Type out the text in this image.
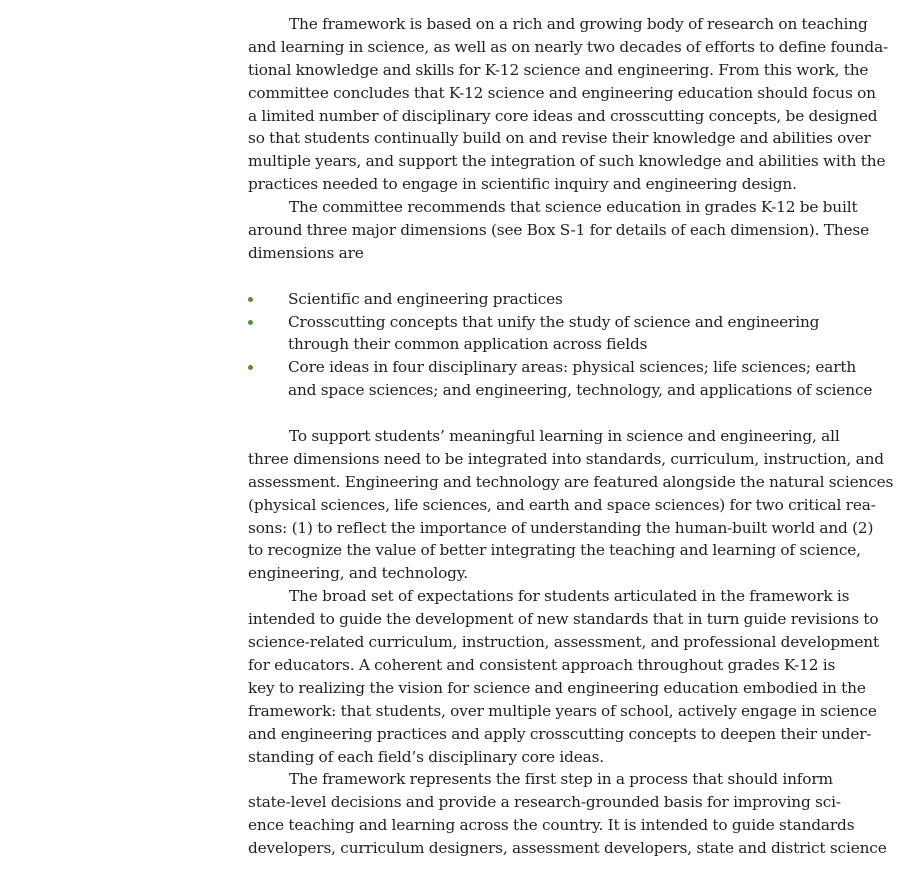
The framework is based on a rich and growing body of research on teaching
and learning in science, as well as on nearly two decades of efforts to define founda-
tional knowledge and skills for K-12 science and engineering. From this work, the
committee concludes that K-12 science and engineering education should focus on
a limited number of disciplinary core ideas and crosscutting concepts, be designed
so that students continually build on and revise their knowledge and abilities over
multiple years, and support the integration of such knowledge and abilities with the
practices needed to engage in scientific inquiry and engineering design.

The committee recommends that science education in grades K-12 be built
around three major dimensions (see Box S-1 for details of each dimension). These
dimensions are

Scientific and engineering practices
Crosscutting concepts that unify the study of science and engineering
through their common application across fields
Core ideas in four disciplinary areas: physical sciences; life sciences; earth
and space sciences; and engineering, technology, and applications of science

To support students’ meaningful learning in science and engineering, all
three dimensions need to be integrated into standards, curriculum, instruction, and
assessment. Engineering and technology are featured alongside the natural sciences
(physical sciences, life sciences, and earth and space sciences) for two critical rea-
sons: (1) to reflect the importance of understanding the human-built world and (2)
to recognize the value of better integrating the teaching and learning of science,
engineering, and technology.

The broad set of expectations for students articulated in the framework is
intended to guide the development of new standards that in turn guide revisions to
science-related curriculum, instruction, assessment, and professional development
for educators. A coherent and consistent approach throughout grades K-12 is
key to realizing the vision for science and engineering education embodied in the
framework: that students, over multiple years of school, actively engage in science
and engineering practices and apply crosscutting concepts to deepen their under-
standing of each field’s disciplinary core ideas.

The framework represents the first step in a process that should inform
state-level decisions and provide a research-grounded basis for improving sci-
ence teaching and learning across the country. It is intended to guide standards
developers, curriculum designers, assessment developers, state and district science
